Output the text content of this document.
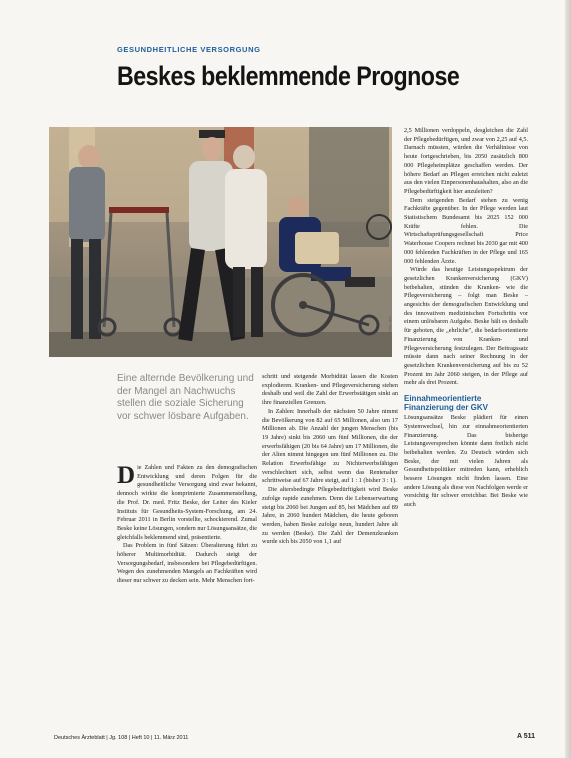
GESUNDHEITLICHE VERSORGUNG
Beskes beklemmende Prognose
Foto: dpa
Eine alternde Bevölkerung und der Mangel an Nachwuchs stellen die soziale Sicherung vor schwer lösbare Aufgaben.
D ie Zahlen und Fakten zu den demografischen Entwicklung und deren Folgen für die gesundheitliche Versorgung sind zwar bekannt, dennoch wirkte die komprimierte Zusammenstellung, die Prof. Dr. med. Fritz Beske, der Leiter des Kieler Instituts für Gesundheits-System-Forschung, am 24. Februar 2011 in Berlin vorstellte, schockierend. Zumal Beske keine Lösungen, sondern nur Lösungsansätze, die gleichfalls beklemmend sind, präsentierte.

Das Problem in fünf Sätzen: Überalterung führt zu höherer Multimorbidität. Dadurch steigt der Versorgungsbedarf, insbesondere bei Pflegebedürftigen. Wegen des zunehmenden Mangels an Fachkräften wird dieser nur schwer zu decken sein. Mehr Menschen fort-

schritt und steigende Morbidität lassen die Kosten explodieren. Kranken- und Pflegeversicherung stehen deshalb und weil die Zahl der Erwerbstätigen sinkt an ihre finanziellen Grenzen.

In Zahlen: Innerhalb der nächsten 50 Jahre nimmt die Bevölkerung von 82 auf 65 Millionen, also um 17 Millionen ab. Die Anzahl der jungen Menschen (bis 19 Jahre) sinkt bis 2060 um fünf Millionen, die der erwerbsfähigen (20 bis 64 Jahre) um 17 Millionen, die der Alten nimmt hingegen um fünf Millionen zu. Die Relation Erwerbsfähige zu Nichterwerbsfähigen verschlechtert sich, selbst wenn das Rentenalter schrittweise auf 67 Jahre steigt, auf 1 : 1 (bisher 3 : 1).

Die altersbedingte Pflegebedürftigkeit wird Beske zufolge rapide zunehmen. Denn die Lebenserwartung steigt bis 2060 bei Jungen auf 85, bei Mädchen auf 89 Jahre, in 2060 hundert Mädchen, die heute geboren werden, haben Beske zufolge neun, hundert Jahre alt zu werden (Beske). Die Zahl der Demenzkranken wurde sich bis 2050 von 1,1 auf

2,5 Millionen verdoppeln, desgleichen die Zahl der Pflegebedürftigen, und zwar von 2,25 auf 4,5. Darnach müssten, würden die Verhältnisse von heute fortgeschrieben, bis 2050 zusätzlich 800 000 Pflegeheimplätze geschaffen werden. Der höhere Bedarf an Pflegen erreichen nicht zuletzt aus den vielen Einpersonenhaushalten, also an die Pflegebedürftigkeit hier anzuleiten?

Dem steigenden Bedarf stehen zu wenig Fachkräfte gegenüber. In der Pflege werden laut Statistischem Bundesamt bis 2025 152 000 Kräfte fehlen. Die Wirtschaftsprüfungsgesellschaft Price Waterhouse Coopers rechnet bis 2030 gar mit 400 000 fehlenden Fachkräften in der Pflege und 165 000 fehlenden Ärzte.

Würde das heutige Leistungsspektrum der gesetzlichen Krankenversicherung (GKV) beibehalten, stünden die Kranken- wie die Pflegeversicherung – folgt man Beske – angesichts der demografischen Entwicklung und des innovativen medizinischen Fortschritts vor einem unlösbaren Aufgabe. Beske hält es deshalb für geboten, die „ehrliche", die bedarfsorientierte Finanzierung von Kranken- und Pflegeversicherung festzulegen. Der Beitragssatz müsste dann nach seiner Rechnung in der gesetzlichen Krankenversicherung auf bis zu 52 Prozent im Jahr 2060 steigen, in der Pflege auf mehr als drei Prozent.

Einnahmeorientierte Finanzierung der GKV

Lösungsansätze Beske plädiert für einen Systemwechsel, hin zur einnahmeorientierten Finanzierung. Das bisherige Leistungsversprechen könnte dann freilich nicht beibehalten werden. Zu Deutsch würden sich Beske, der mit vielen Jahren als Gesundheitspolitiker mitreden kann, erheblich bessere Lösungen nicht finden lassen. Eine andere Lösung als diese von Nachfolgen werde er vorsichtig für schwer erreichbar. Bei Beske wie auch

Deutsches Ärzteblatt | Jg. 108 | Heft 10 | 11. März 2011	A 511
